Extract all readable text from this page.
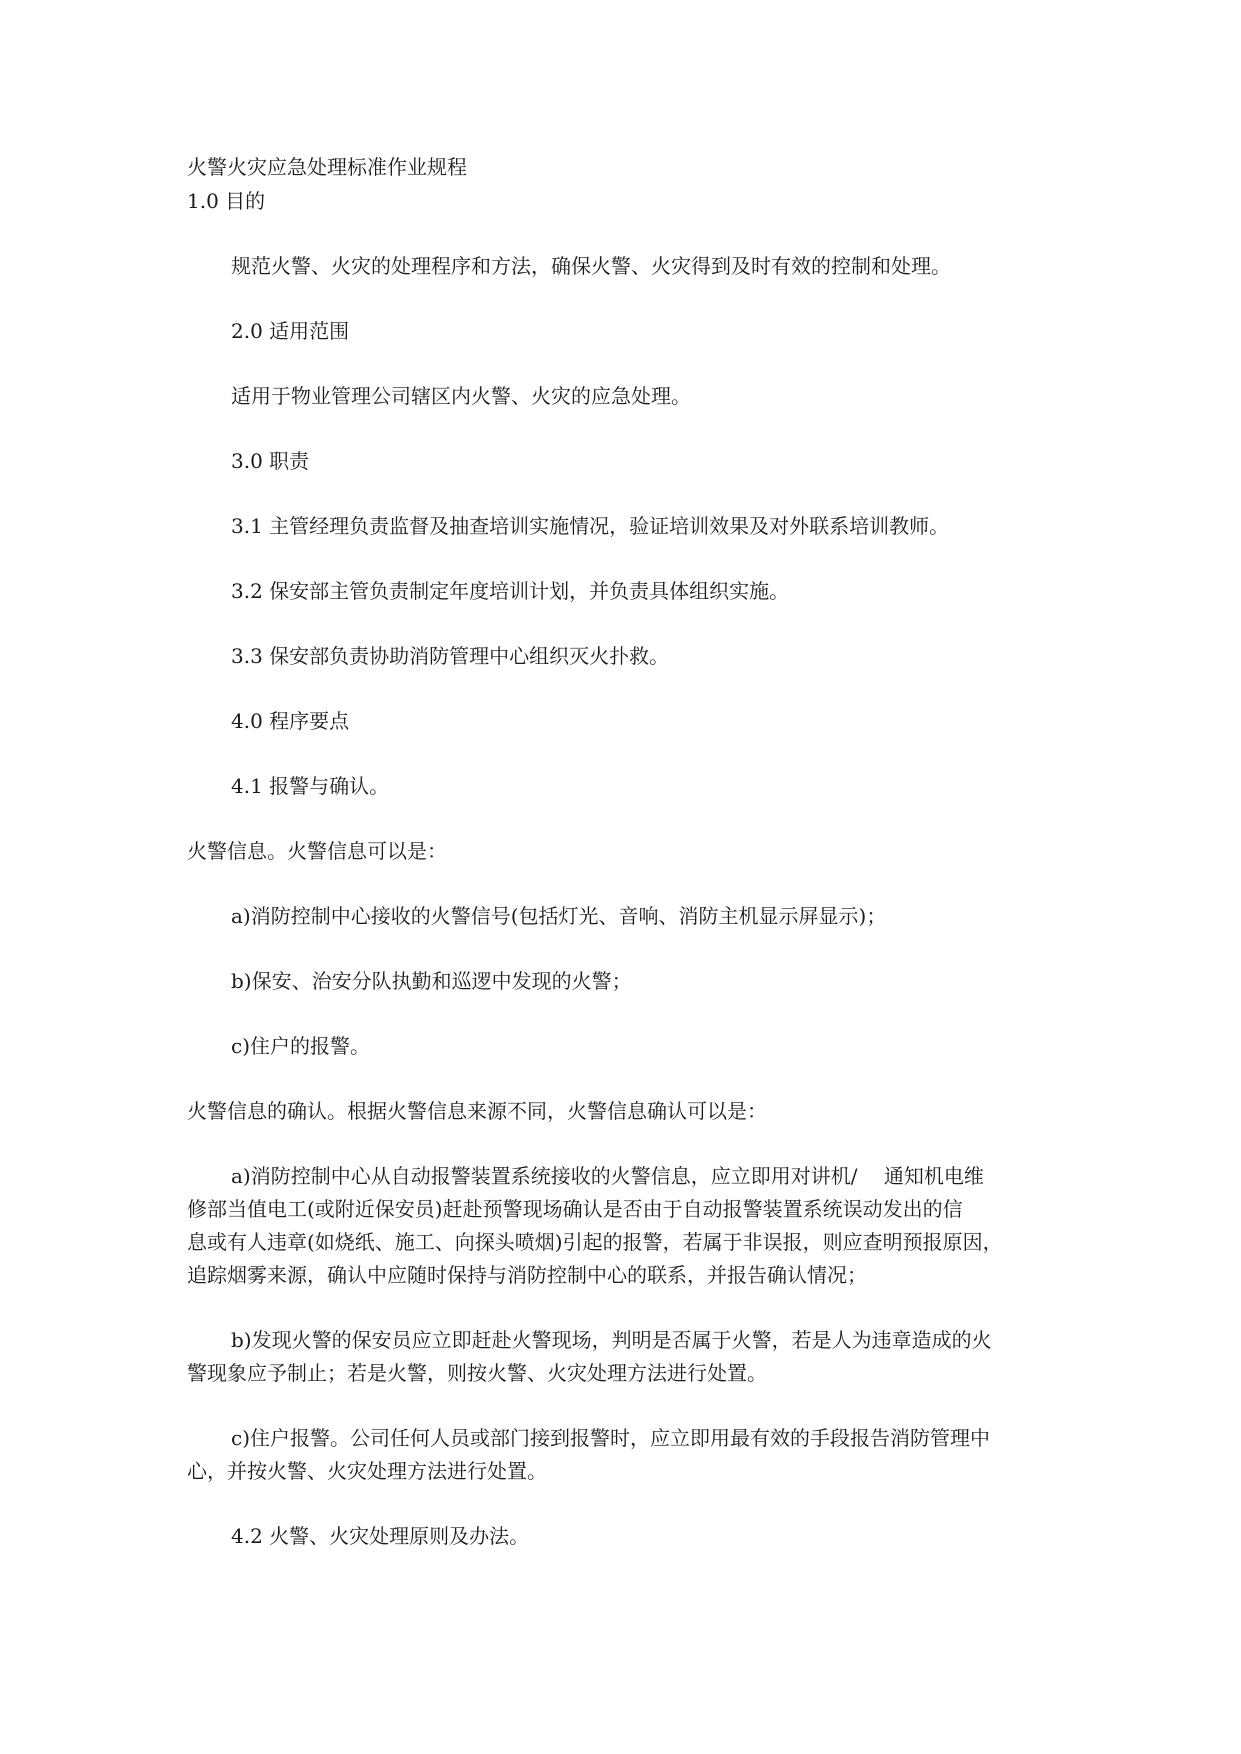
火警火灾应急处理标准作业规程

1.0 目的

规范火警、火灾的处理程序和方法，确保火警、火灾得到及时有效的控制和处理。

2.0 适用范围

适用于物业管理公司辖区内火警、火灾的应急处理。

3.0 职责

3.1 主管经理负责监督及抽查培训实施情况，验证培训效果及对外联系培训教师。

3.2 保安部主管负责制定年度培训计划，并负责具体组织实施。

3.3 保安部负责协助消防管理中心组织灭火扑救。

4.0 程序要点

4.1 报警与确认。

火警信息。火警信息可以是：

a)消防控制中心接收的火警信号(包括灯光、音响、消防主机显示屏显示)；

b)保安、治安分队执勤和巡逻中发现的火警；

c)住户的报警。

火警信息的确认。根据火警信息来源不同，火警信息确认可以是：

a)消防控制中心从自动报警装置系统接收的火警信息，应立即用对讲机/　 通知机电维

修部当值电工(或附近保安员)赶赴预警现场确认是否由于自动报警装置系统误动发出的信

息或有人违章(如烧纸、施工、向探头喷烟)引起的报警，若属于非误报，则应查明预报原因，

追踪烟雾来源，确认中应随时保持与消防控制中心的联系，并报告确认情况；

b)发现火警的保安员应立即赶赴火警现场，判明是否属于火警，若是人为违章造成的火

警现象应予制止；若是火警，则按火警、火灾处理方法进行处置。

c)住户报警。公司任何人员或部门接到报警时，应立即用最有效的手段报告消防管理中

心，并按火警、火灾处理方法进行处置。

4.2 火警、火灾处理原则及办法。
